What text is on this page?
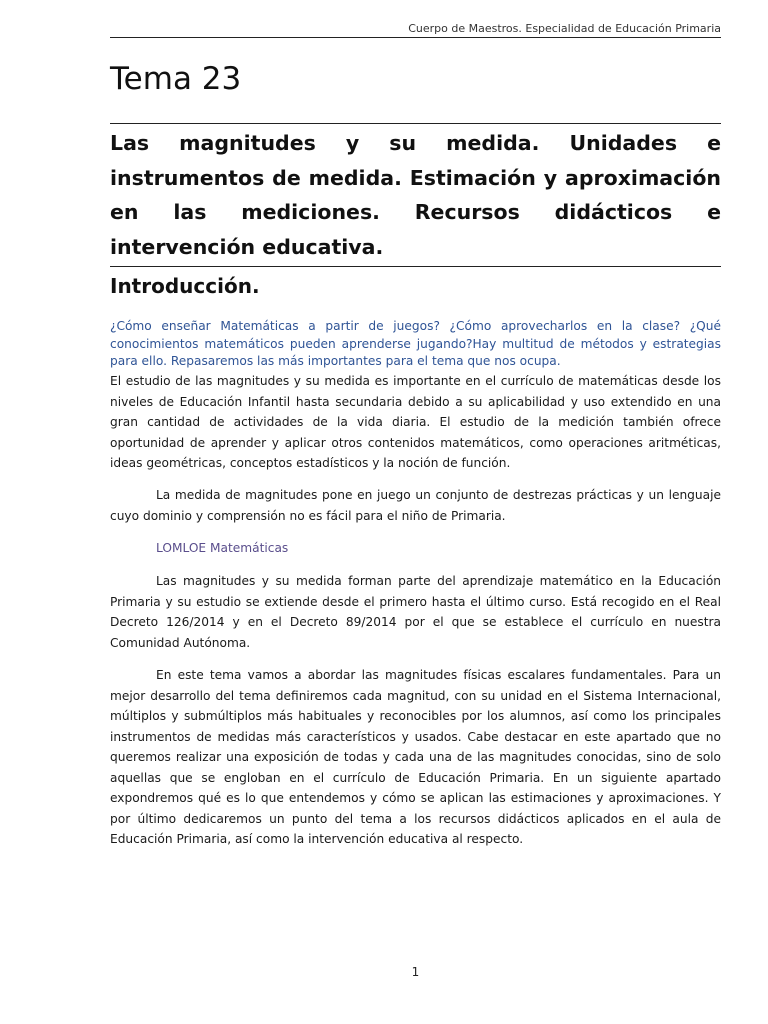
Cuerpo de Maestros. Especialidad de Educación Primaria
Tema 23

Las magnitudes y su medida. Unidades e instrumentos de medida. Estimación y aproximación en las mediciones. Recursos didácticos e intervención educativa.

Introducción.

¿Cómo enseñar Matemáticas a partir de juegos? ¿Cómo aprovecharlos en la clase? ¿Qué conocimientos matemáticos pueden aprenderse jugando?Hay multitud de métodos y estrategias para ello. Repasaremos las más importantes para el tema que nos ocupa.

El estudio de las magnitudes y su medida es importante en el currículo de matemáticas desde los niveles de Educación Infantil hasta secundaria debido a su aplicabilidad y uso extendido en una gran cantidad de actividades de la vida diaria. El estudio de la medición también ofrece oportunidad de aprender y aplicar otros contenidos matemáticos, como operaciones aritméticas, ideas geométricas, conceptos estadísticos y la noción de función.

La medida de magnitudes pone en juego un conjunto de destrezas prácticas y un lenguaje cuyo dominio y comprensión no es fácil para el niño de Primaria.

LOMLOE Matemáticas

Las magnitudes y su medida forman parte del aprendizaje matemático en la Educación Primaria y su estudio se extiende desde el primero hasta el último curso. Está recogido en el Real Decreto 126/2014 y en el Decreto 89/2014 por el que se establece el currículo en nuestra Comunidad Autónoma.

En este tema vamos a abordar las magnitudes físicas escalares fundamentales. Para un mejor desarrollo del tema definiremos cada magnitud, con su unidad en el Sistema Internacional, múltiplos y submúltiplos más habituales y reconocibles por los alumnos, así como los principales instrumentos de medidas más característicos y usados. Cabe destacar en este apartado que no queremos realizar una exposición de todas y cada una de las magnitudes conocidas, sino de solo aquellas que se engloban en el currículo de Educación Primaria. En un siguiente apartado expondremos qué es lo que entendemos y cómo se aplican las estimaciones y aproximaciones. Y por último dedicaremos un punto del tema a los recursos didácticos aplicados en el aula de Educación Primaria, así como la intervención educativa al respecto.

1
